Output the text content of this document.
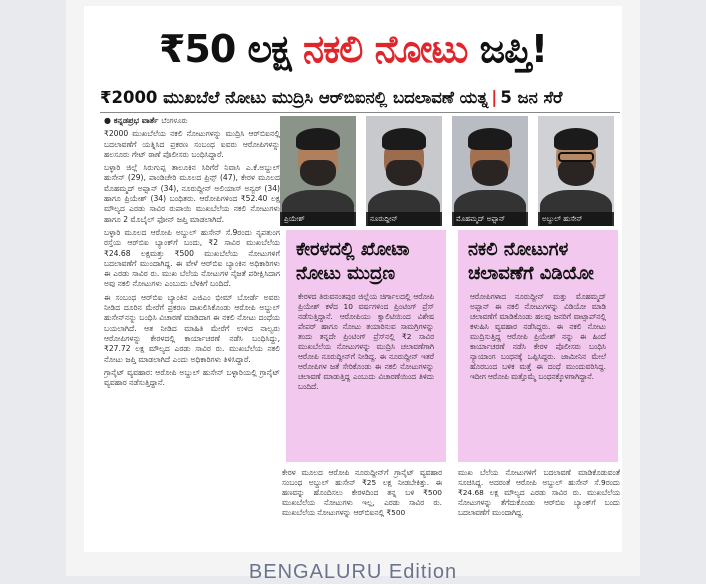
₹50 ಲಕ್ಷ ನಕಲಿ ನೋಟು ಜಪ್ತಿ!
₹2000 ಮುಖಬೆಲೆ ನೋಟು ಮುದ್ರಿಸಿ ಆರ್‌ಬಿಐನಲ್ಲಿ ಬದಲಾವಣೆ ಯತ್ನ | 5 ಜನ ಸೆರೆ

● ಕನ್ನಡಪ್ರಭ ವಾರ್ತೆ ಬೆಂಗಳೂರು

₹2000 ಮುಖಬೆಲೆಯ ನಕಲಿ ನೋಟುಗಳನ್ನು ಮುದ್ರಿಸಿ ಆರ್‌ಬಿಐನಲ್ಲಿ ಬದಲಾವಣೆಗೆ ಯತ್ನಿಸಿದ ಪ್ರಕರಣ ಸಂಬಂಧ ಐವರು ಆರೋಪಿಗಳನ್ನು ಹಲಸೂರು ಗೇಟ್ ಠಾಣೆ ಪೊಲೀಸರು ಬಂಧಿಸಿದ್ದಾರೆ.

ಬಳ್ಳಾರಿ ಜಿಲ್ಲೆ ಸಿರುಗುಪ್ಪ ತಾಲೂಕಿನ ಸಿರಿಗೆರೆ ನಿವಾಸಿ ಎ.ಕೆ.ಅಬ್ದುಲ್ ಹುಸೇನ್ (29), ಪಾಂಡಿಚೇರಿ ಮೂಲದ ಪ್ರಿನ್ಸ್ (47), ಕೇರಳ ಮೂಲದ ಮೊಹಮ್ಮದ್ ಅಫ್ಸಾನ್ (34), ನೂರುದ್ದೀನ್ ಅಲಿಯಾಸ್ ಅನ್ವರ್ (34) ಹಾಗೂ ಪ್ರಿಯೇಶ್ (34) ಬಂಧಿತರು. ಆರೋಪಿಗಳಿಂದ ₹52.40 ಲಕ್ಷ ಮೌಲ್ಯದ ಎರಡು ಸಾವಿರ ರುಪಾಯಿ ಮುಖಬೆಲೆಯ ನಕಲಿ ನೋಟುಗಳು ಹಾಗೂ 2 ಮೊಬೈಲ್ ಫೋನ್ ಜಪ್ತಿ ಮಾಡಲಾಗಿದೆ.

ಬಳ್ಳಾರಿ ಮೂಲದ ಆರೋಪಿ ಅಬ್ದುಲ್ ಹುಸೇನ್ ಸೆ.9ರಂದು ನೃಪತುಂಗ ರಸ್ತೆಯ ಆರ್‌ಬಿಐ ಬ್ಯಾಂಕ್‌ಗೆ ಬಂದು, ₹2 ಸಾವಿರ ಮುಖಬೆಲೆಯ ₹24.68 ಲಕ್ಷಮತ್ತು ₹500 ಮುಖಬೆಲೆಯ ನೋಟುಗಳಿಗೆ ಬದಲಾವಣೆಗೆ ಮುಂದಾಗಿದ್ದ. ಈ ವೇಳೆ ಆರ್‌ಬಿಐ ಬ್ಯಾಂಕಿನ ಅಧಿಕಾರಿಗಳು ಈ ಎರಡು ಸಾವಿರ ರು. ಮುಖ ಬೆಲೆಯ ನೋಟುಗಳ ನೈಜತೆ ಪರೀಕ್ಷಿಸಿದಾಗ ಅವು ನಕಲಿ ನೋಟುಗಳು ಎಂಬುದು ಬೆಳಕಿಗೆ ಬಂದಿದೆ.

ಈ ಸಂಬಂಧ ಆರ್‌ಬಿಐ ಬ್ಯಾಂಕಿನ ಎಜಿಎಂ ಭೀಮ್ ಬೋರ್ಡೆ ಅವರು ನೀಡಿದ ದೂರಿನ ಮೇರೆಗೆ ಪ್ರಕರಣ ದಾಖಲಿಸಿಕೊಂಡು ಆರೋಪಿ ಅಬ್ದುಲ್ ಹುಸೇನ್‌ನನ್ನು ಬಂಧಿಸಿ ವಿಚಾರಣೆ ಮಾಡಿದಾಗ ಈ ನಕಲಿ ನೋಟು ದಂಧೆಯ ಬಯಲಾಗಿದೆ. ಆತ ನೀಡಿದ ಮಾಹಿತಿ ಮೇರೆಗೆ ಉಳಿದ ನಾಲ್ವರು ಆರೋಪಿಗಳನ್ನು ಕೇರಳದಲ್ಲಿ ಕಾರ್ಯಾಚರಣೆ ನಡೆಸಿ ಬಂಧಿಸಿದ್ದು, ₹27.72 ಲಕ್ಷ ಮೌಲ್ಯದ ಎರಡು ಸಾವಿರ ರು. ಮುಖಬೆಲೆಯ ನಕಲಿ ನೋಟು ಜಪ್ತಿ ಮಾಡಲಾಗಿದೆ ಎಂದು ಅಧಿಕಾರಿಗಳು ತಿಳಿಸಿದ್ದಾರೆ.

ಗ್ರಾನೈಟ್ ವ್ಯವಹಾರ: ಆರೋಪಿ ಅಬ್ದುಲ್ ಹುಸೇನ್ ಬಳ್ಳಾರಿಯಲ್ಲಿ ಗ್ರಾನೈಟ್ ವ್ಯವಹಾರ ನಡೆಸುತ್ತಿದ್ದಾನೆ.

ಪ್ರಿಯೇಶ್	ನೂರುದ್ದೀನ್	ಮೊಹಮ್ಮದ್ ಅಫ್ಸಾನ್	ಅಬ್ದುಲ್ ಹುಸೇನ್
ಕೇರಳದಲ್ಲಿ ಖೋಟಾ ನೋಟು ಮುದ್ರಣ
ಕೇರಳದ ತಿರುವನಂತಪುರ ಜಿಲ್ಲೆಯ ಚಿರ್ಗಾಲದಲ್ಲಿ ಆರೋಪಿ ಪ್ರಿಯೇಶ್ ಕಳೆದ 10 ವರ್ಷಗಳಿಂದ ಪ್ರಿಂಟಿಂಗ್ ಪ್ರೆಸ್ ನಡೆಸುತ್ತಿದ್ದಾನೆ. ಆರೋಪಿಯು ಕ್ವಾಲಿಟಿಯಿಂದ ವಿಶೇಷ ಪೇಪರ್ ಹಾಗೂ ನೋಟು ತಯಾರಿಸುವ ಸಾಮಗ್ರಿಗಳನ್ನು ತಂದು ತನ್ನದೇ ಪ್ರಿಂಟಿಂಗ್ ಪ್ರೆಸ್‌ನಲ್ಲಿ ₹2 ಸಾವಿರ ಮುಖಬೆಲೆಯ ನೋಟುಗಳನ್ನು ಮುದ್ರಿಸಿ ಚಲಾವಣೆಗಾಗಿ ಆರೋಪಿ ನೂರುದ್ದೀನ್‌ಗೆ ನೀಡಿದ್ದ. ಈ ನೂರುದ್ದೀನ್ ಇತರೆ ಆರೋಪಿಗಳ ಜತೆ ಸೇರಿಕೊಂಡು ಈ ನಕಲಿ ನೋಟುಗಳನ್ನು ಚಲಾವಣೆ ಮಾಡುತ್ತಿದ್ದ ಎಂಬುದು ವಿಚಾರಣೆಯಿಂದ ತಿಳಿದು ಬಂದಿದೆ.
ನಕಲಿ ನೋಟುಗಳ ಚಲಾವಣೆಗೆ ವಿಡಿಯೋ
ಆರೋಪಿಗಳಾದ ನೂರುದ್ದೀನ್ ಮತ್ತು ಮೊಹಮ್ಮದ್ ಅಫ್ಸಾನ್ ಈ ನಕಲಿ ನೋಟುಗಳನ್ನು ವಿಡಿಯೋ ಮಾಡಿ ಚಲಾವಣೆಗೆ ಮಾಡಿಕೊಂಡು ಹಲವು ಜನರಿಗೆ ವಾಟ್ಸಾಪ್‌ನಲ್ಲಿ ಕಳುಹಿಸಿ ವ್ಯವಹಾರ ನಡೆಸಿದ್ದರು. ಈ ನಕಲಿ ನೋಟು ಮುದ್ರಿಸುತ್ತಿದ್ದ ಆರೋಪಿ ಪ್ರಿಯೇಶ್ ನನ್ನು ಈ ಹಿಂದೆ ಕಾರ್ಯಾಚರಣೆ ನಡೆಸಿ ಕೇರಳ ಪೊಲೀಸರು ಬಂಧಿಸಿ ನ್ಯಾಯಾಂಗ ಬಂಧನಕ್ಕೆ ಒಪ್ಪಿಸಿದ್ದರು. ಜಾಮೀನಿನ ಮೇಲೆ ಹೊರಬಂದ ಬಳಿಕ ಮತ್ತೆ ಈ ದಂಧೆ ಮುಂದುವರಿಸಿದ್ದ. ಇದೀಗ ಆರೋಪಿ ಮತ್ತೊಮ್ಮೆ ಬಂಧನಕ್ಕೊಳಗಾಗಿದ್ದಾನೆ.
ಕೇರಳ ಮೂಲದ ಆರೋಪಿ ನೂರುದ್ದೀನ್‌ಗೆ ಗ್ರಾನೈಟ್ ವ್ಯವಹಾರ ಸಂಬಂಧ ಅಬ್ದುಲ್ ಹುಸೇನ್ ₹25 ಲಕ್ಷ ನೀಡಬೇಕಿತ್ತು. ಈ ಹಣವನ್ನು ಹೊಂದಿಸಲು ಕೇರಳದಿಂದ ತನ್ನ ಬಳಿ ₹500 ಮುಖಬೆಲೆಯ ನೋಟುಗಳು ಇಲ್ಲ, ಎರಡು ಸಾವಿರ ರು. ಮುಖಬೆಲೆಯ ನೋಟುಗಳನ್ನು ಆರ್‌ಬಿಐನಲ್ಲಿ ₹500
ಮುಖ ಬೆಲೆಯ ನೋಟುಗಳಿಗೆ ಬದಲಾವಣೆ ಮಾಡಿಕೊಡುವಂತೆ ಸೂಚಿಸಿದ್ದ. ಅದರಂತೆ ಆರೋಪಿ ಅಬ್ದುಲ್ ಹುಸೇನ್ ಸೆ.9ರಂದು ₹24.68 ಲಕ್ಷ ಮೌಲ್ಯದ ಎರಡು ಸಾವಿರ ರು. ಮುಖಬೆಲೆಯ ನೋಟುಗಳನ್ನು ತೆಗೆದುಕೊಂಡು ಆರ್‌ಬಿಐ ಬ್ಯಾಂಕ್‌ಗೆ ಬಂದು ಬದಲಾವಣೆಗೆ ಮುಂದಾಗಿದ್ದ.
BENGALURU Edition
